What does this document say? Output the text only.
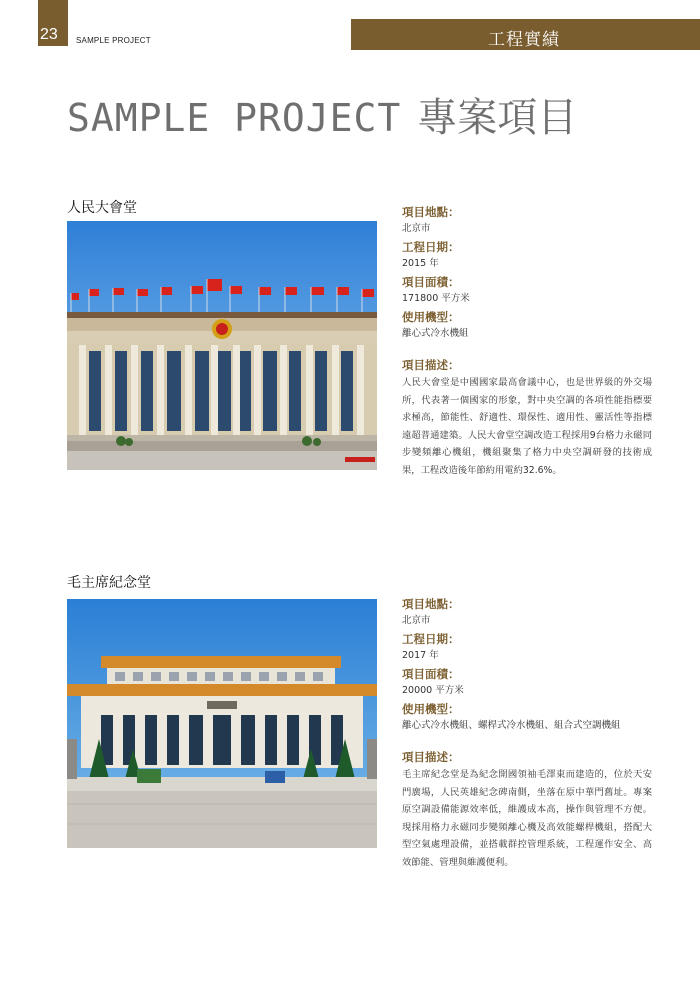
23 SAMPLE PROJECT	工程實績
SAMPLE PROJECT 專案項目
人民大會堂	項目地點：
北京市
工程日期：
2015 年
項目面積：
171800 平方米
使用機型：
離心式冷水機組
項目描述：
人民大會堂是中國國家最高會議中心，也是世界級的外交場所，代表著一個國家的形象，對中央空調的各項性能指標要求極高，節能性、舒適性、環保性、適用性、靈活性等指標遠超普通建築。人民大會堂空調改造工程採用9台格力永磁同步變頻離心機組，機組聚集了格力中央空調研發的技術成果，工程改造後年節約用電約32.6%。
毛主席紀念堂
項目地點：
北京市
工程日期：
2017 年
項目面積：
20000 平方米
使用機型：
離心式冷水機組、螺桿式冷水機組、組合式空調機組
項目描述：
毛主席紀念堂是為紀念開國領袖毛澤東而建造的，位於天安門廣場，人民英雄紀念碑南側，坐落在原中華門舊址。專案原空調設備能源效率低，維護成本高，操作與管理不方便。現採用格力永磁同步變頻離心機及高效能螺桿機組，搭配大型空氣處理設備，並搭載群控管理系統，工程運作安全、高效節能、管理與維護便利。
